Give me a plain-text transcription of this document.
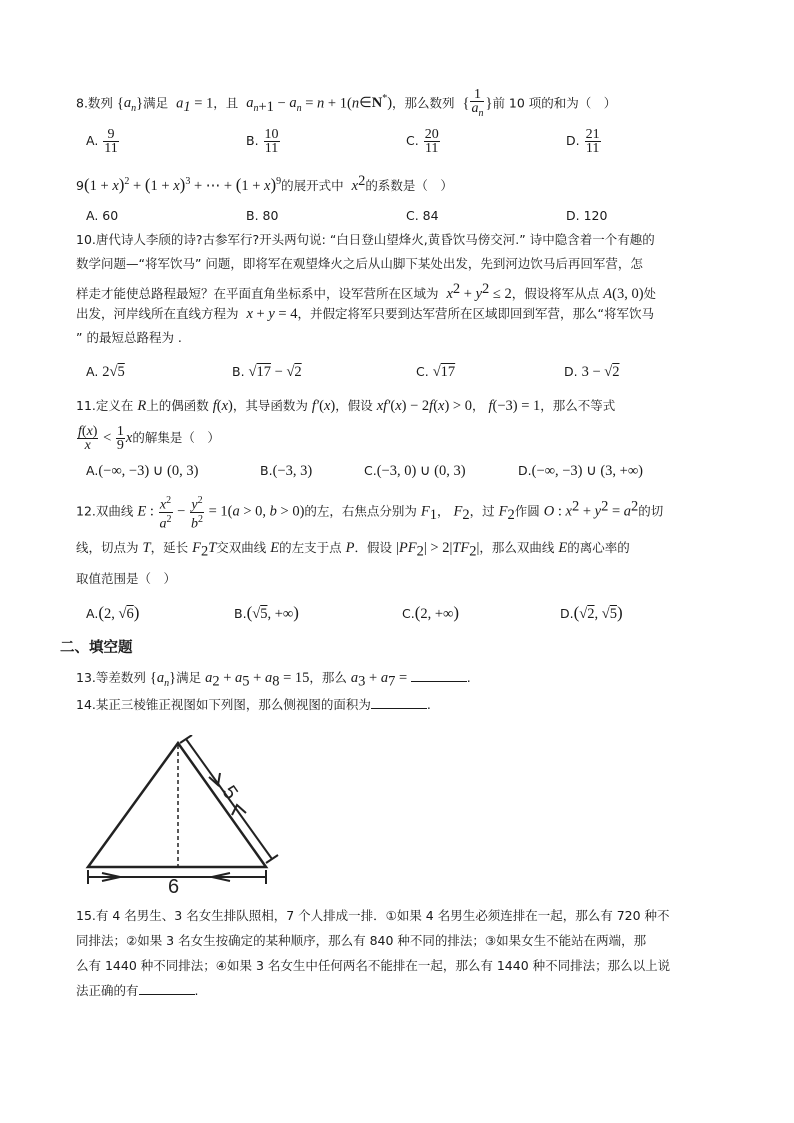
8.数列 $\{a_n\}$满足 $a_1 = 1$，且 $a_{n+1} - a_n = n$ + 1(n∈N*)，那么数列 { $\frac{1}{a_n}$ }前 10 项的和为（　）
A. $\frac{9}{11}$	B. $\frac{10}{11}$	C. $\frac{20}{11}$	D. $\frac{21}{11}$
$9(1 + x)^2 + (1 + x)^3$ + ⋯ + $(1 + x)^9$的展开式中 $x^2$的系数是（　）
A. 60	B. 80	C. 84	D. 120
10.唐代诗人李颀的诗?古参军行?开头两句说: “白日登山望烽火,黄昏饮马傍交河.” 诗中隐含着一个有趣的
数学问题—“将军饮马” 问题，即将军在观望烽火之后从山脚下某处出发，先到河边饮马后再回军营，怎
样走才能使总路程最短？在平面直角坐标系中，设军营所在区域为 $x^2 + y^2 \le 2$，假设将军从点 A(3, 0)处
出发，河岸线所在直线方程为 x + y = 4，并假定将军只要到达军营所在区域即回到军营，那么“将军饮马
” 的最短总路程为 .
A. 2√5	B. √17 − √2	C. √17	D. 3 − √2
11.定义在 R上的偶函数 f(x)，其导函数为 f′(x)，假设 xf′(x) − 2f(x) > 0， f(−3) = 1，那么不等式
$\frac{f(x)}{x} < \frac{1}{9}$ x的解集是（　）
A.(−∞, −3) ∪ (0, 3)	B.(−3, 3)	C.(−3, 0) ∪ (0, 3)	D.(−∞, −3) ∪ (3, +∞)
12.双曲线 E : $\frac{x^2}{a^2} - \frac{y^2}{b^2} = 1(a > 0$, b > 0)的左，右焦点分别为 $F_1$， $F_2$，过 $F_2$作圆 O : $x^2 + y^2 = a^2$的切
线，切点为 T，延长 $F_2T$交双曲线 E的左支于点 P．假设 $|PF_2| > 2|TF_2|$，那么双曲线 E的离心率的
取值范围是（　）
A.(2, √6)	B.(√5, +∞)	C.(2, +∞)	D.(√2, √5)
二、填空题
13.等差数列 $\{a_n\}$满足 $a_2 + a_5 + a_8 = 15$，那么 $a_3 + a_7$ =	.
14.某正三棱锥正视图如下列图，那么侧视图的面积为	.
5
6
15.有 4 名男生、3 名女生排队照相，7 个人排成一排．①如果 4 名男生必须连排在一起，那么有 720 种不
同排法；②如果 3 名女生按确定的某种顺序，那么有 840 种不同的排法；③如果女生不能站在两端，那
么有 1440 种不同排法；④如果 3 名女生中任何两名不能排在一起，那么有 1440 种不同排法；那么以上说
法正确的有	.
